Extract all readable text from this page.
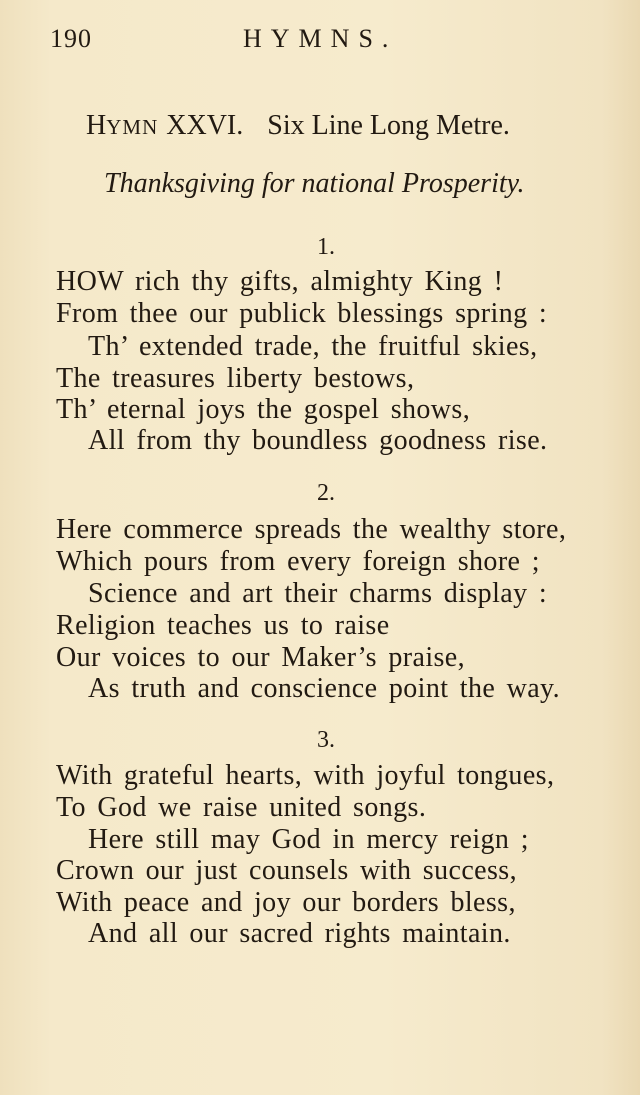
190	HYMNS.
HYMN XXVI. Six Line Long Metre.
Thanksgiving for national Prosperity.
1.
HOW rich thy gifts, almighty King !
From thee our publick blessings spring :
Th’ extended trade, the fruitful skies,
The treasures liberty bestows,
Th’ eternal joys the gospel shows,
All from thy boundless goodness rise.
2.
Here commerce spreads the wealthy store,
Which pours from every foreign shore ;
Science and art their charms display :
Religion teaches us to raise
Our voices to our Maker’s praise,
As truth and conscience point the way.
3.
With grateful hearts, with joyful tongues,
To God we raise united songs.
Here still may God in mercy reign ;
Crown our just counsels with success,
With peace and joy our borders bless,
And all our sacred rights maintain.
